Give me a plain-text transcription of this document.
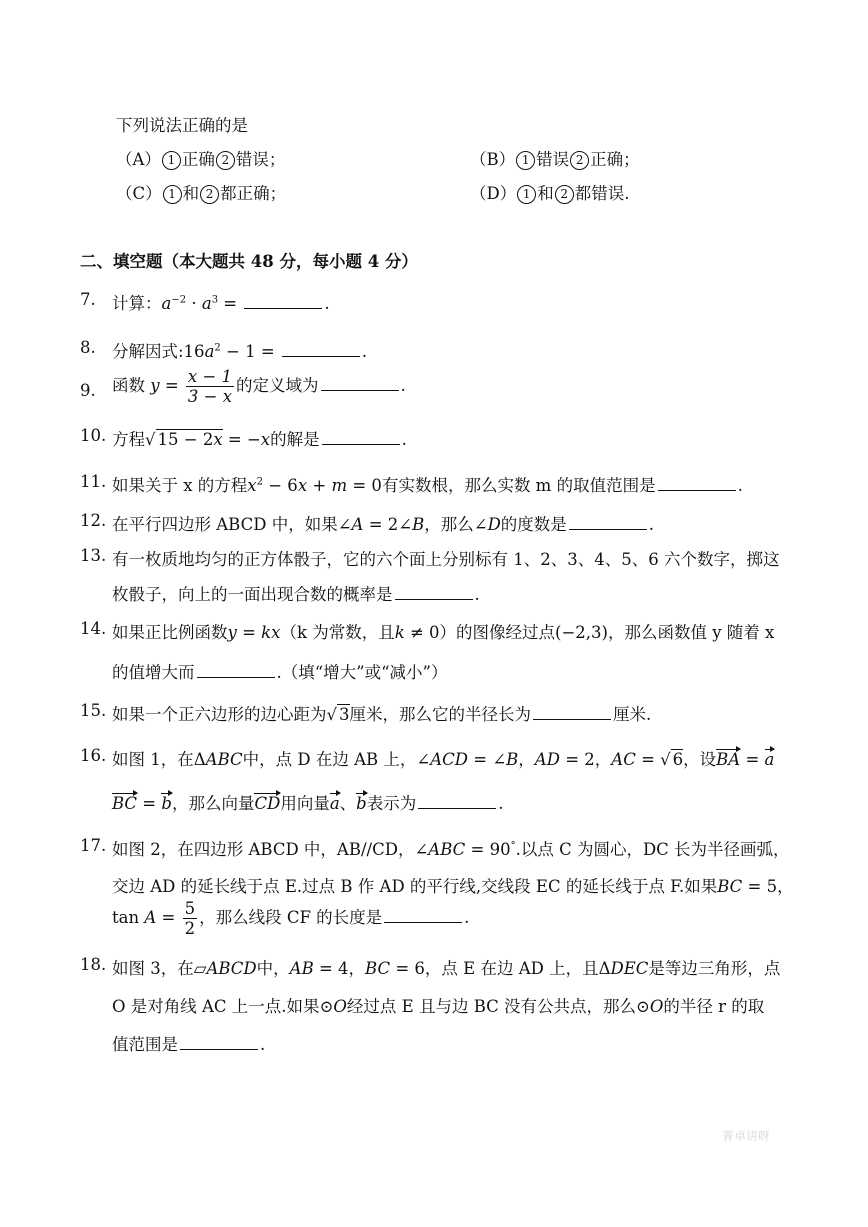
下列说法正确的是
（A） 1 正确 2 错误；	（B） 1 错误 2 正确；
（C） 1 和 2 都正确；	（D） 1 和 2 都错误.
二、填空题（本大题共 48 分，每小题 4 分）
7. 计算：$a^{-2} \cdot a^3$ =	.
8. 分解因式$:16a^2 - 1$ =	.
9. 函数 $y = \frac{x - 1}{3 - x}$ 的定义域为	.
10. 方程√ 15 − 2x = −x的解是	.
11. 如果关于 x 的方程$x^2 - 6x + m = 0$有实数根，那么实数 m 的取值范围是	.
12. 在平行四边形 ABCD 中，如果∠A = 2∠B，那么∠D的度数是	.
13. 有一枚质地均匀的正方体骰子，它的六个面上分别标有 1、2、3、4、5、6 六个数字，掷这
枚骰子，向上的一面出现合数的概率是	.
14. 如果正比例函数y = kx（k 为常数，且k ≠ 0）的图像经过点(−2,3)，那么函数值 y 随着 x
的值增大而	.（填“增大”或“减小”）
15. 如果一个正六边形的边心距为√ 3厘米，那么它的半径长为	厘米.
16. 如图 1，在ΔABC中，点 D 在边 AB 上，∠ACD = ∠B，AD = 2，AC = √ 6，设BA = a
BC = b，那么向量CD用向量a、b表示为	.
17. 如图 2，在四边形 ABCD 中，AB//CD，∠ABC = 90°.以点 C 为圆心，DC 长为半径画弧，
交边 AD 的延长线于点 E.过点 B 作 AD 的平行线,交线段 EC 的延长线于点 F.如果BC = 5，
$\tan A = \frac{5}{2}$ ，那么线段 CF 的长度是	.
18. 如图 3，在▱ABCD中，AB = 4，BC = 6，点 E 在边 AD 上，且ΔDEC是等边三角形，点
O 是对角线 AC 上一点.如果⊙O经过点 E 且与边 BC 没有公共点，那么⊙O的半径 r 的取
值范围是	.
菁卓讲呀
